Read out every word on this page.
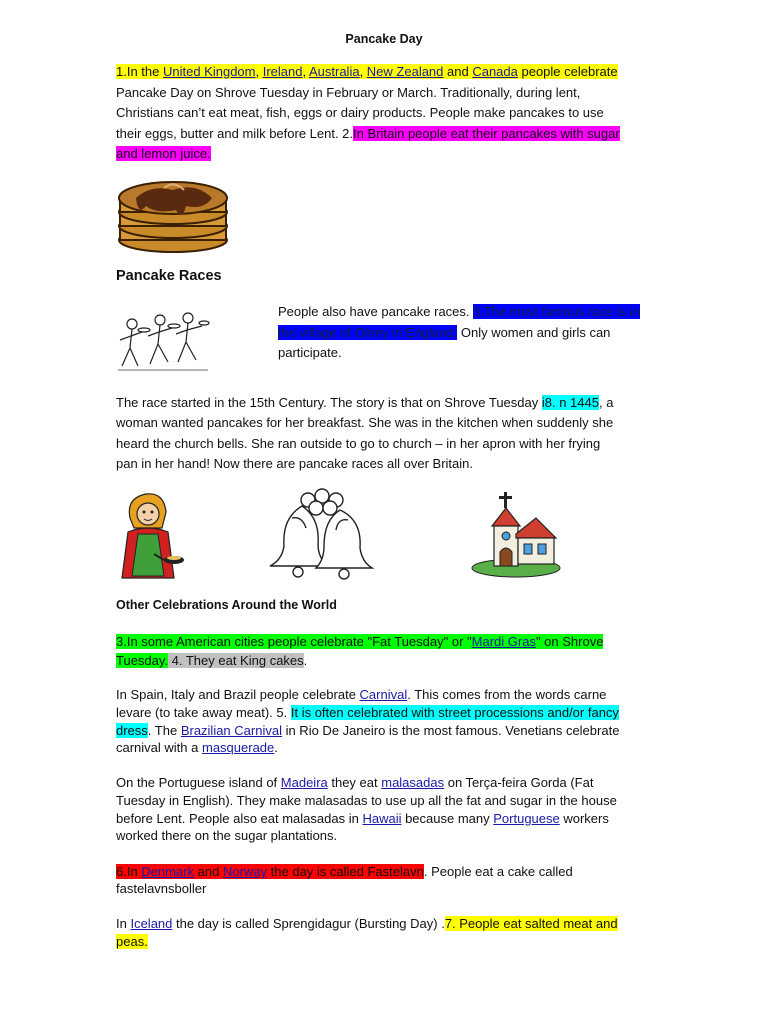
Pancake Day

1.In the United Kingdom, Ireland, Australia, New Zealand and Canada people celebrate

Pancake Day on Shrove Tuesday in February or March. Traditionally, during lent,

Christians can’t eat meat, fish, eggs or dairy products. People make pancakes to use

their eggs, butter and milk before Lent. 2.In Britain people eat their pancakes with sugar

and lemon juice.

Pancake Races

People also have pancake races. 3.The most famous race is in

the village of Olney in England. Only women and girls can

participate.

The race started in the 15th Century. The story is that on Shrove Tuesday i8. n 1445, a

woman wanted pancakes for her breakfast. She was in the kitchen when suddenly she

heard the church bells. She ran outside to go to church – in her apron with her frying

pan in her hand! Now there are pancake races all over Britain.

Other Celebrations Around the World

3.In some American cities people celebrate "Fat Tuesday" or "Mardi Gras" on Shrove

Tuesday. 4. They eat King cakes.

In Spain, Italy and Brazil people celebrate Carnival. This comes from the words carne

levare (to take away meat). 5. It is often celebrated with street processions and/or fancy

dress. The Brazilian Carnival in Rio De Janeiro is the most famous. Venetians celebrate

carnival with a masquerade.

On the Portuguese island of Madeira they eat malasadas on Terça-feira Gorda (Fat

Tuesday in English). They make malasadas to use up all the fat and sugar in the house

before Lent. People also eat malasadas in Hawaii because many Portuguese workers

worked there on the sugar plantations.

6.In Denmark and Norway the day is called Fastelavn. People eat a cake called

fastelavnsboller

In Iceland the day is called Sprengidagur (Bursting Day) .7. People eat salted meat and

peas.
